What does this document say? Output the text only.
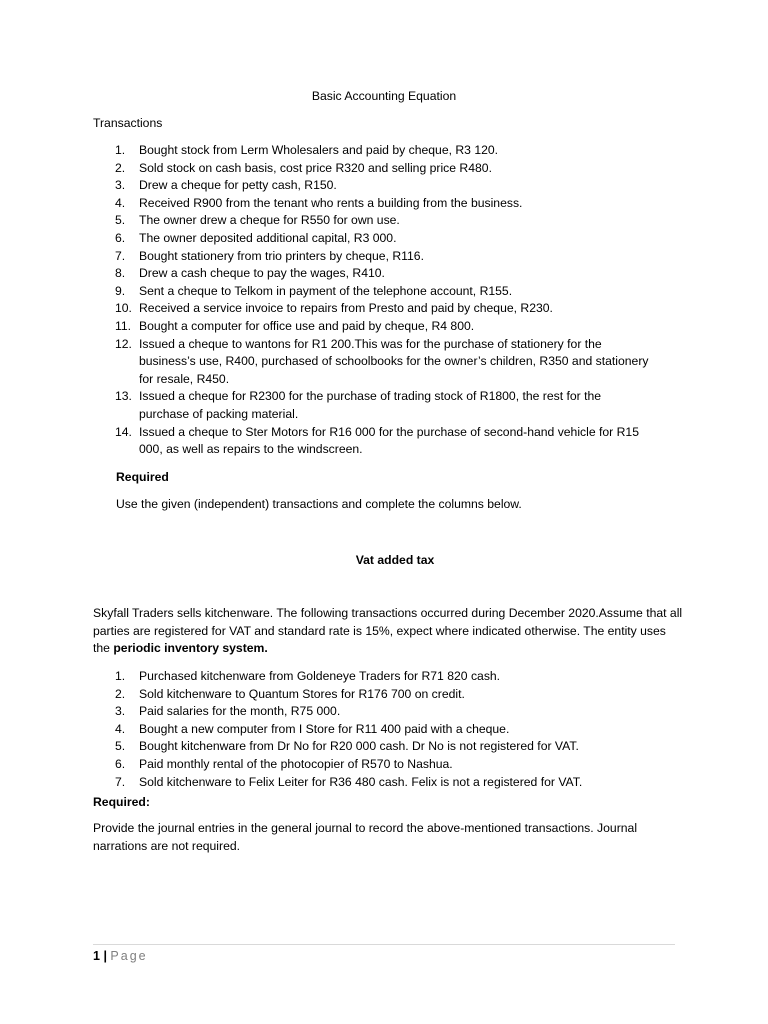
Basic Accounting Equation
Transactions
1.	Bought stock from Lerm Wholesalers and paid by cheque, R3 120.
2.	Sold stock on cash basis, cost price R320 and selling price R480.
3.	Drew a cheque for petty cash, R150.
4.	Received R900 from the tenant who rents a building from the business.
5.	The owner drew a cheque for R550 for own use.
6.	The owner deposited additional capital, R3 000.
7.	Bought stationery from trio printers by cheque, R116.
8.	Drew a cash cheque to pay the wages, R410.
9.	Sent a cheque to Telkom in payment of the telephone account, R155.
10. Received a service invoice to repairs from Presto and paid by cheque, R230.
11. Bought a computer for office use and paid by cheque, R4 800.
12. Issued a cheque to wantons for R1 200.This was for the purchase of stationery for the business’s use, R400, purchased of schoolbooks for the owner’s children, R350 and stationery for resale, R450.
13. Issued a cheque for R2300 for the purchase of trading stock of R1800, the rest for the purchase of packing material.
14. Issued a cheque to Ster Motors for R16 000 for the purchase of second-hand vehicle for R15 000, as well as repairs to the windscreen.
Required
Use the given (independent) transactions and complete the columns below.
Vat added tax
Skyfall Traders sells kitchenware. The following transactions occurred during December 2020.Assume that all parties are registered for VAT and standard rate is 15%, expect where indicated otherwise. The entity uses the periodic inventory system.
1.	Purchased kitchenware from Goldeneye Traders for R71 820 cash.
2.	Sold kitchenware to Quantum Stores for R176 700 on credit.
3.	Paid salaries for the month, R75 000.
4.	Bought a new computer from I Store for R11 400 paid with a cheque.
5.	Bought kitchenware from Dr No for R20 000 cash. Dr No is not registered for VAT.
6.	Paid monthly rental of the photocopier of R570 to Nashua.
7.	Sold kitchenware to Felix Leiter for R36 480 cash. Felix is not a registered for VAT.
Required:
Provide the journal entries in the general journal to record the above-mentioned transactions. Journal narrations are not required.
1 | Page
